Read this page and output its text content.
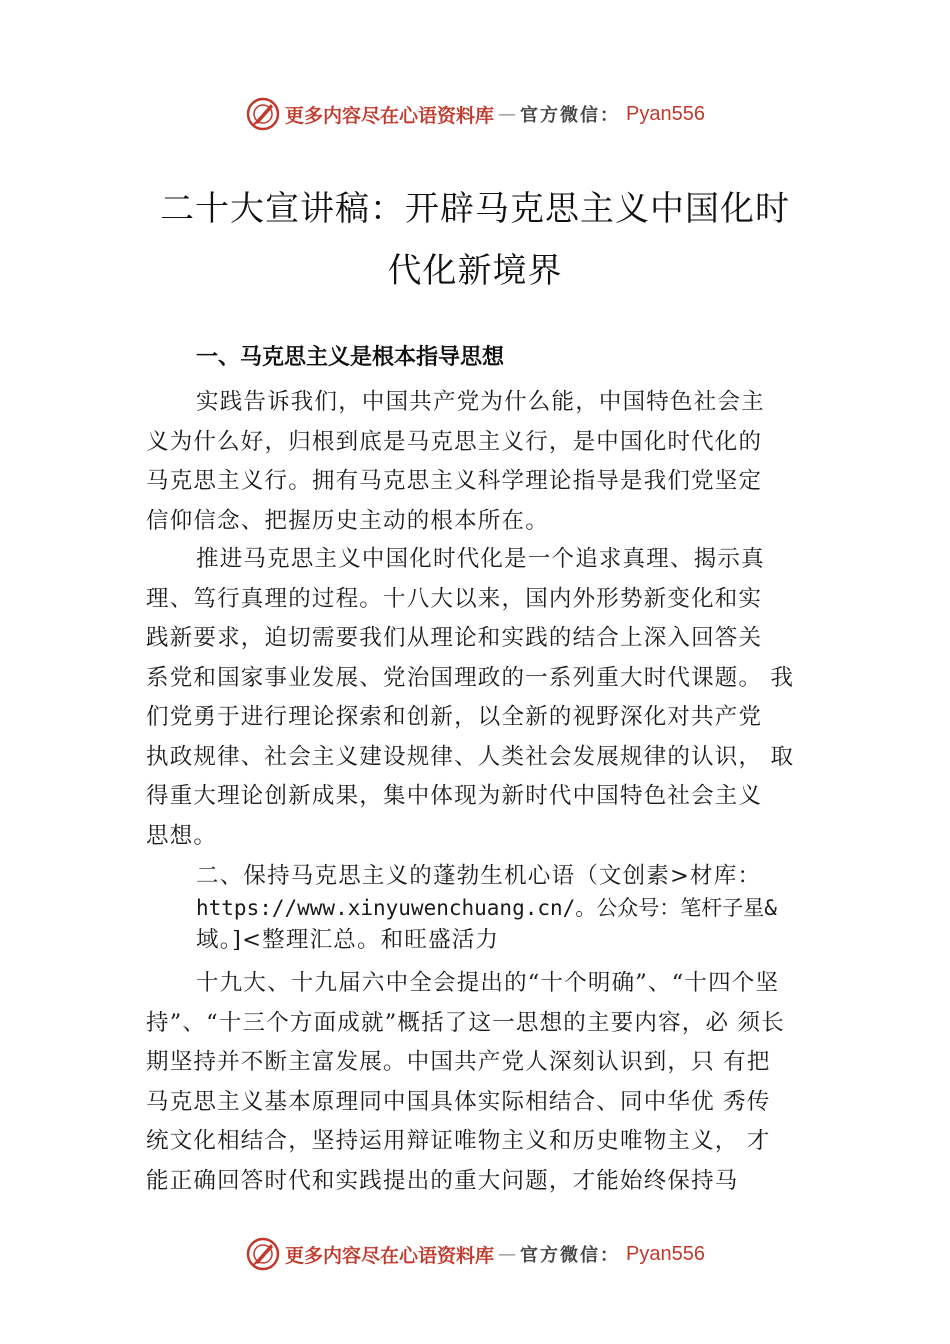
更多内容尽在心语资料库 — 官方微信： Pyan556
二十大宣讲稿：开辟马克思主义中国化时
代化新境界
一、马克思主义是根本指导思想
实践告诉我们，中国共产党为什么能，中国特色社会主
义为什么好，归根到底是马克思主义行，是中国化时代化的
马克思主义行。拥有马克思主义科学理论指导是我们党坚定
信仰信念、把握历史主动的根本所在。
推进马克思主义中国化时代化是一个追求真理、揭示真
理、笃行真理的过程。十八大以来，国内外形势新变化和实
践新要求，迫切需要我们从理论和实践的结合上深入回答关
系党和国家事业发展、党治国理政的一系列重大时代课题。 我
们党勇于进行理论探索和创新，以全新的视野深化对共产党
执政规律、社会主义建设规律、人类社会发展规律的认识， 取
得重大理论创新成果，集中体现为新时代中国特色社会主义
思想。
二、保持马克思主义的蓬勃生机心语（文创素>材库：
https://www.xinyuwenchuang.cn/。公众号：笔杆子星&
域。]<整理汇总。和旺盛活力
十九大、十九届六中全会提出的“十个明确”、“十四个坚
持”、“十三个方面成就”概括了这一思想的主要内容，必 须长
期坚持并不断主富发展。中国共产党人深刻认识到，只 有把
马克思主义基本原理同中国具体实际相结合、同中华优 秀传
统文化相结合，坚持运用辩证唯物主义和历史唯物主义， 才
能正确回答时代和实践提出的重大问题，才能始终保持马
更多内容尽在心语资料库 — 官方微信： Pyan556
